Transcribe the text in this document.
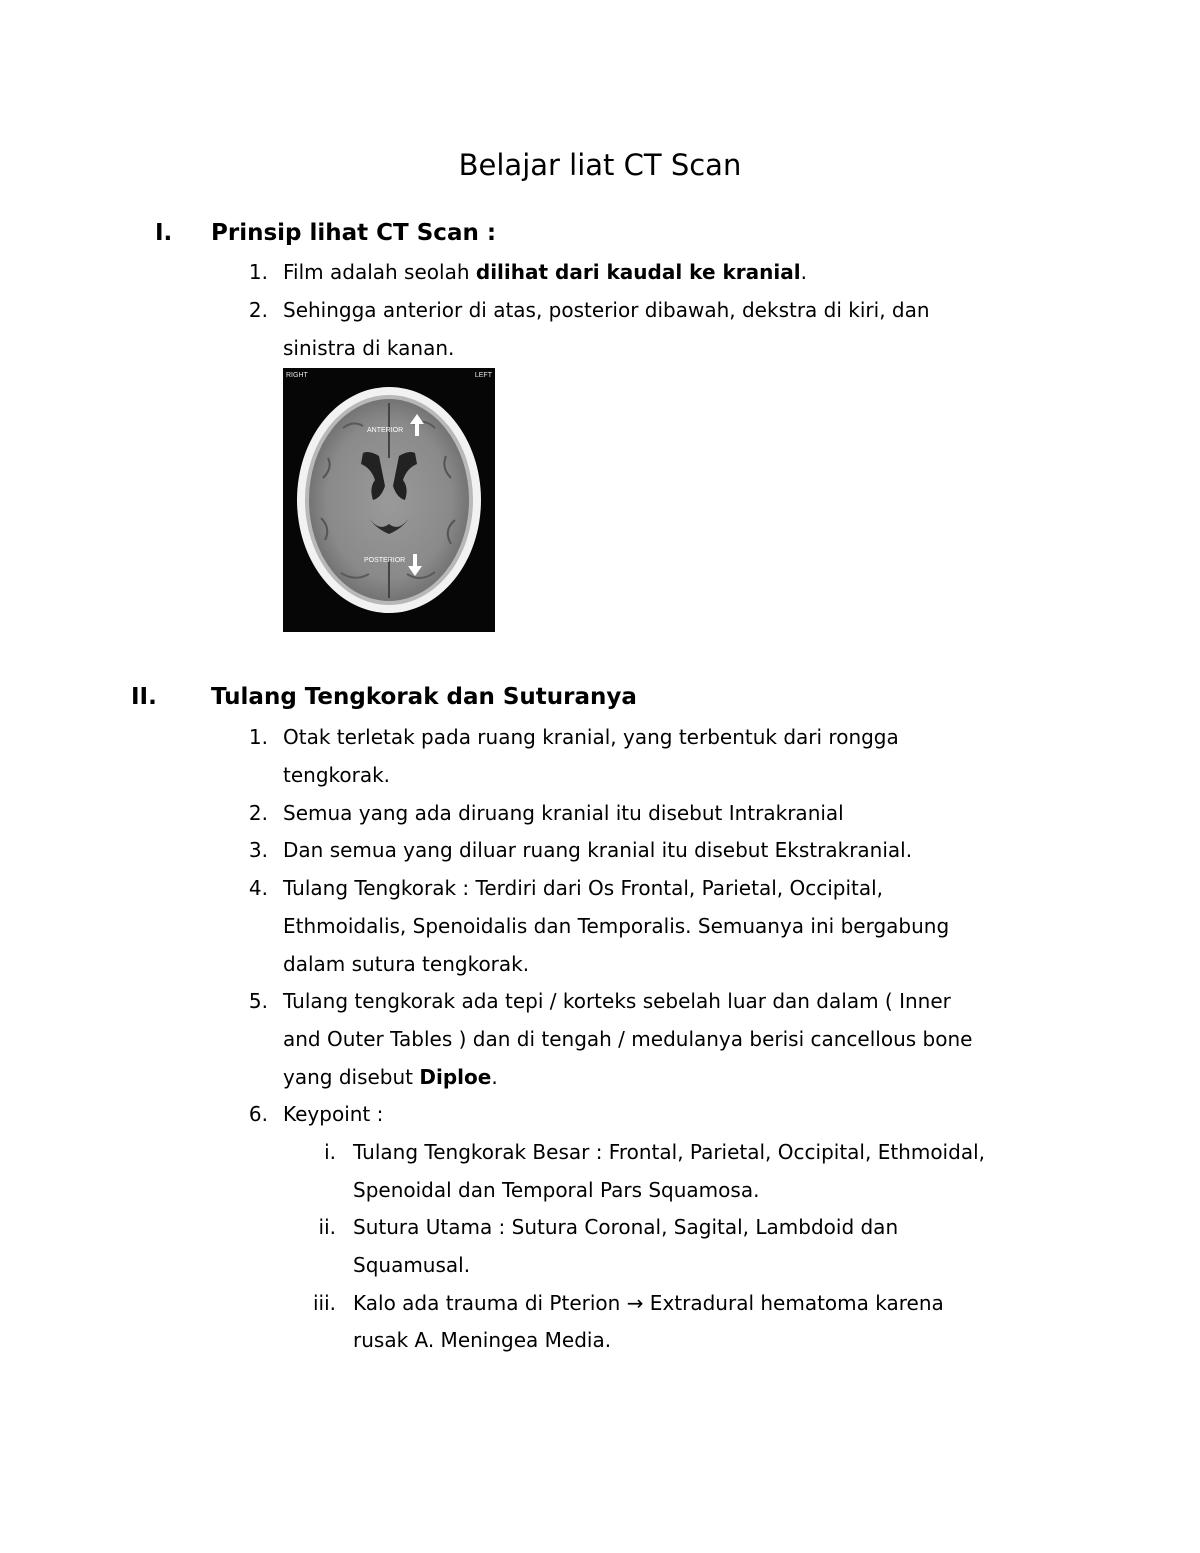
Belajar liat CT Scan
I. Prinsip lihat CT Scan :
1. Film adalah seolah dilihat dari kaudal ke kranial.
2. Sehingga anterior di atas, posterior dibawah, dekstra di kiri, dan
sinistra di kanan.
RIGHT	LEFT
ANTERIOR
POSTERIOR
II. Tulang Tengkorak dan Suturanya
1. Otak terletak pada ruang kranial, yang terbentuk dari rongga
tengkorak.
2. Semua yang ada diruang kranial itu disebut Intrakranial
3. Dan semua yang diluar ruang kranial itu disebut Ekstrakranial.
4. Tulang Tengkorak : Terdiri dari Os Frontal, Parietal, Occipital,
Ethmoidalis, Spenoidalis dan Temporalis. Semuanya ini bergabung
dalam sutura tengkorak.
5. Tulang tengkorak ada tepi / korteks sebelah luar dan dalam ( Inner
and Outer Tables ) dan di tengah / medulanya berisi cancellous bone
yang disebut Diploe.
6. Keypoint :
i. Tulang Tengkorak Besar : Frontal, Parietal, Occipital, Ethmoidal,
Spenoidal dan Temporal Pars Squamosa.
ii. Sutura Utama : Sutura Coronal, Sagital, Lambdoid dan
Squamusal.
iii. Kalo ada trauma di Pterion → Extradural hematoma karena
rusak A. Meningea Media.
